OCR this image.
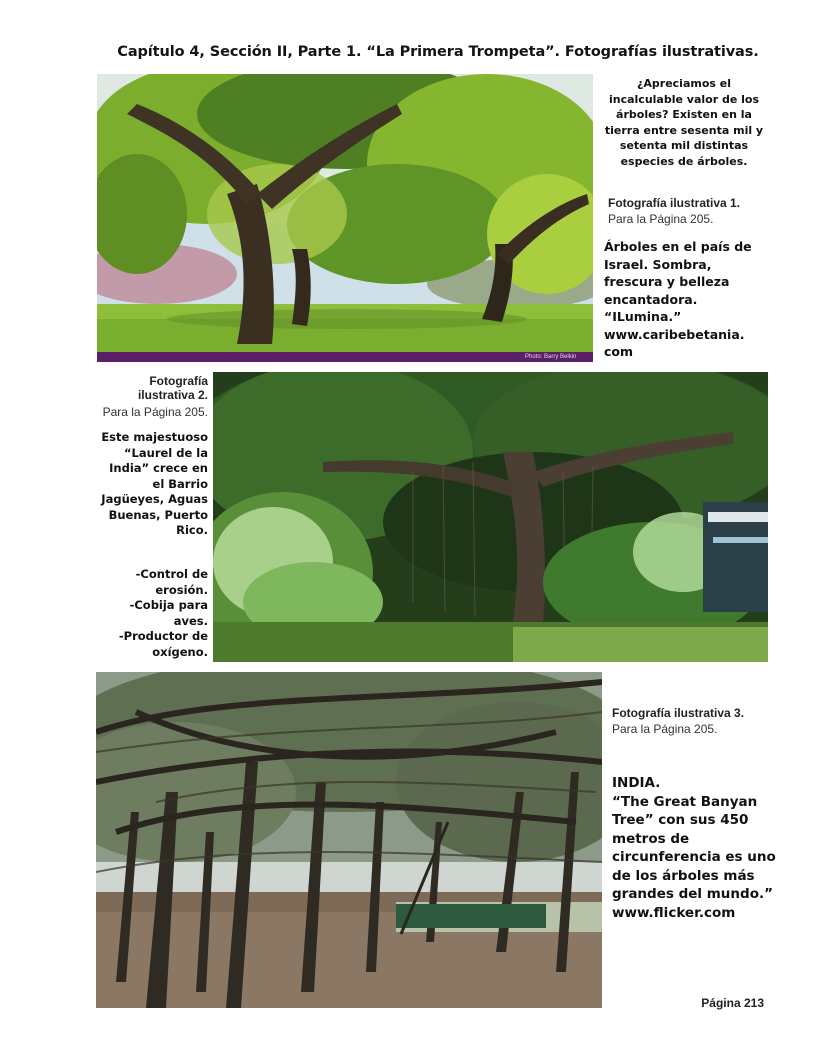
Capítulo 4, Sección II, Parte 1. “La Primera Trompeta”. Fotografías ilustrativas.
Photo: Barry Belkin
¿Apreciamos el incalculable valor de los árboles? Existen en la tierra entre sesenta mil y setenta mil distintas especies de árboles.
Fotografía ilustrativa 1.
Para la Página 205.
Árboles en el país de Israel. Sombra, frescura y belleza encantadora. “ILumina.” www.caribebetania. com
Fotografía ilustrativa 2.
Para la Página 205.
Este majestuoso “Laurel de la India” crece en el Barrio Jagüeyes, Aguas Buenas, Puerto Rico.
-Control de erosión.
-Cobija para aves.
-Productor de oxígeno.
Fotografía ilustrativa 3.
Para la Página 205.
INDIA.
“The Great Banyan Tree” con sus 450 metros de circunferencia es uno de los árboles más grandes del mundo.” www.flicker.com
Página 213
